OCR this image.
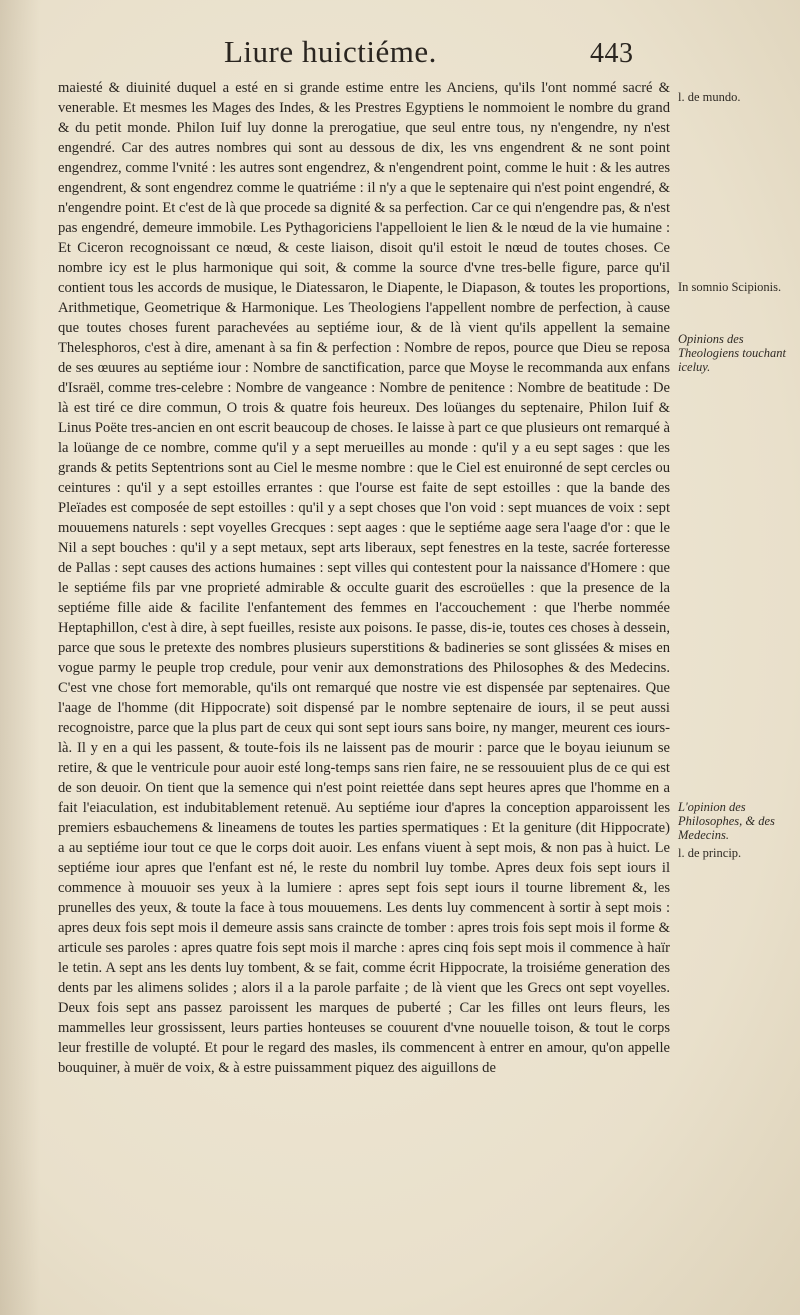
Liure huictiéme.	443

maiesté & diuinité duquel a esté en si grande estime entre les Anciens, qu'ils l'ont nommé sacré & venerable. Et mesmes les Mages des Indes, & les Prestres Egyptiens le nommoient le nombre du grand & du petit monde. Philon Iuif luy donne la prerogatiue, que seul entre tous, ny n'engendre, ny n'est engendré. Car des autres nombres qui sont au dessous de dix, les vns engendrent & ne sont point engendrez, comme l'vnité : les autres sont engendrez, & n'engendrent point, comme le huit : & les autres engendrent, & sont engendrez comme le quatriéme : il n'y a que le septenaire qui n'est point engendré, & n'engendre point. Et c'est de là que procede sa dignité & sa perfection. Car ce qui n'engendre pas, & n'est pas engendré, demeure immobile. Les Pythagoriciens l'appelloient le lien & le nœud de la vie humaine : Et Ciceron recognoissant ce nœud, & ceste liaison, disoit qu'il estoit le nœud de toutes choses. Ce nombre icy est le plus harmonique qui soit, & comme la source d'vne tres-belle figure, parce qu'il contient tous les accords de musique, le Diatessaron, le Diapente, le Diapason, & toutes les proportions, Arithmetique, Geometrique & Harmonique. Les Theologiens l'appellent nombre de perfection, à cause que toutes choses furent parachevées au septiéme iour, & de là vient qu'ils appellent la semaine Thelesphoros, c'est à dire, amenant à sa fin & perfection : Nombre de repos, pource que Dieu se reposa de ses œuures au septiéme iour : Nombre de sanctification, parce que Moyse le recommanda aux enfans d'Israël, comme tres-celebre : Nombre de vangeance : Nombre de penitence : Nombre de beatitude : De là est tiré ce dire commun, O trois & quatre fois heureux. Des loüanges du septenaire, Philon Iuif & Linus Poëte tres-ancien en ont escrit beaucoup de choses. Ie laisse à part ce que plusieurs ont remarqué à la loüange de ce nombre, comme qu'il y a sept merueilles au monde : qu'il y a eu sept sages : que les grands & petits Septentrions sont au Ciel le mesme nombre : que le Ciel est enuironné de sept cercles ou ceintures : qu'il y a sept estoilles errantes : que l'ourse est faite de sept estoilles : que la bande des Pleïades est composée de sept estoilles : qu'il y a sept choses que l'on void : sept muances de voix : sept mouuemens naturels : sept voyelles Grecques : sept aages : que le septiéme aage sera l'aage d'or : que le Nil a sept bouches : qu'il y a sept metaux, sept arts liberaux, sept fenestres en la teste, sacrée forteresse de Pallas : sept causes des actions humaines : sept villes qui contestent pour la naissance d'Homere : que le septiéme fils par vne proprieté admirable & occulte guarit des escroüelles : que la presence de la septiéme fille aide & facilite l'enfantement des femmes en l'accouchement : que l'herbe nommée Heptaphillon, c'est à dire, à sept fueilles, resiste aux poisons. Ie passe, dis-ie, toutes ces choses à dessein, parce que sous le pretexte des nombres plusieurs superstitions & badineries se sont glissées & mises en vogue parmy le peuple trop credule, pour venir aux demonstrations des Philosophes & des Medecins. C'est vne chose fort memorable, qu'ils ont remarqué que nostre vie est dispensée par septenaires. Que l'aage de l'homme (dit Hippocrate) soit dispensé par le nombre septenaire de iours, il se peut aussi recognoistre, parce que la plus part de ceux qui sont sept iours sans boire, ny manger, meurent ces iours-là. Il y en a qui les passent, & toute-fois ils ne laissent pas de mourir : parce que le boyau ieiunum se retire, & que le ventricule pour auoir esté long-temps sans rien faire, ne se ressouuient plus de ce qui est de son deuoir. On tient que la semence qui n'est point reiettée dans sept heures apres que l'homme en a fait l'eiaculation, est indubitablement retenuë. Au septiéme iour d'apres la conception apparoissent les premiers esbauchemens & lineamens de toutes les parties spermatiques : Et la geniture (dit Hippocrate) a au septiéme iour tout ce que le corps doit auoir. Les enfans viuent à sept mois, & non pas à huict. Le septiéme iour apres que l'enfant est né, le reste du nombril luy tombe. Apres deux fois sept iours il commence à mouuoir ses yeux à la lumiere : apres sept fois sept iours il tourne librement &, les prunelles des yeux, & toute la face à tous mouuemens. Les dents luy commencent à sortir à sept mois : apres deux fois sept mois il demeure assis sans craincte de tomber : apres trois fois sept mois il forme & articule ses paroles : apres quatre fois sept mois il marche : apres cinq fois sept mois il commence à haïr le tetin. A sept ans les dents luy tombent, & se fait, comme écrit Hippocrate, la troisiéme generation des dents par les alimens solides ; alors il a la parole parfaite ; de là vient que les Grecs ont sept voyelles. Deux fois sept ans passez paroissent les marques de puberté ; Car les filles ont leurs fleurs, les mammelles leur grossissent, leurs parties honteuses se couurent d'vne nouuelle toison, & tout le corps leur frestille de volupté. Et pour le regard des masles, ils commencent à entrer en amour, qu'on appelle bouquiner, à muër de voix, & à estre puissamment piquez des aiguillons de

l. de mundo.
In somnio Scipionis.
Opinions des Theologiens touchant iceluy.
L'opinion des Philosophes, & des Medecins.
l. de princip.
